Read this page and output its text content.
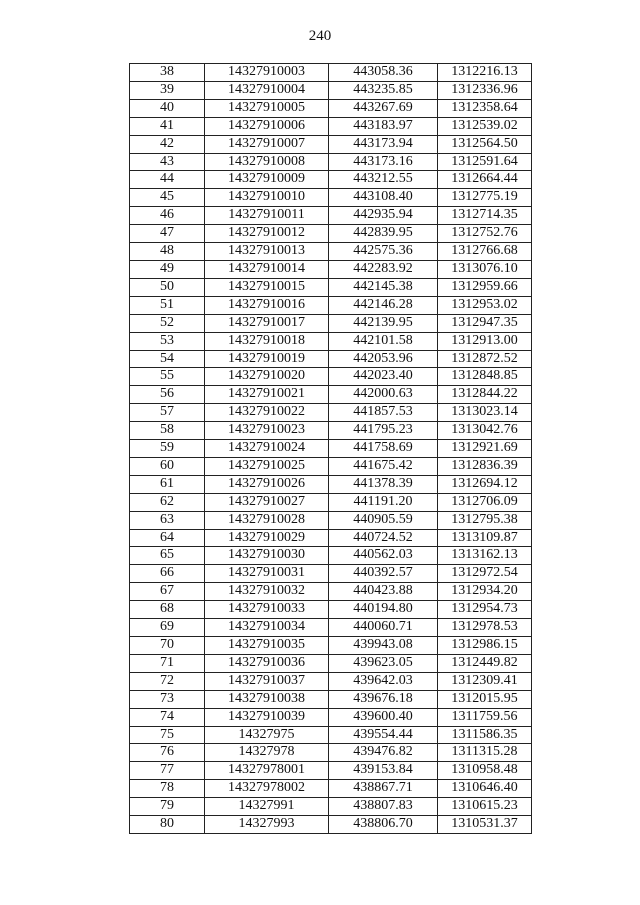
240
38	14327910003	443058.36	1312216.13
39	14327910004	443235.85	1312336.96
40	14327910005	443267.69	1312358.64
41	14327910006	443183.97	1312539.02
42	14327910007	443173.94	1312564.50
43	14327910008	443173.16	1312591.64
44	14327910009	443212.55	1312664.44
45	14327910010	443108.40	1312775.19
46	14327910011	442935.94	1312714.35
47	14327910012	442839.95	1312752.76
48	14327910013	442575.36	1312766.68
49	14327910014	442283.92	1313076.10
50	14327910015	442145.38	1312959.66
51	14327910016	442146.28	1312953.02
52	14327910017	442139.95	1312947.35
53	14327910018	442101.58	1312913.00
54	14327910019	442053.96	1312872.52
55	14327910020	442023.40	1312848.85
56	14327910021	442000.63	1312844.22
57	14327910022	441857.53	1313023.14
58	14327910023	441795.23	1313042.76
59	14327910024	441758.69	1312921.69
60	14327910025	441675.42	1312836.39
61	14327910026	441378.39	1312694.12
62	14327910027	441191.20	1312706.09
63	14327910028	440905.59	1312795.38
64	14327910029	440724.52	1313109.87
65	14327910030	440562.03	1313162.13
66	14327910031	440392.57	1312972.54
67	14327910032	440423.88	1312934.20
68	14327910033	440194.80	1312954.73
69	14327910034	440060.71	1312978.53
70	14327910035	439943.08	1312986.15
71	14327910036	439623.05	1312449.82
72	14327910037	439642.03	1312309.41
73	14327910038	439676.18	1312015.95
74	14327910039	439600.40	1311759.56
75	14327975	439554.44	1311586.35
76	14327978	439476.82	1311315.28
77	14327978001	439153.84	1310958.48
78	14327978002	438867.71	1310646.40
79	14327991	438807.83	1310615.23
80	14327993	438806.70	1310531.37
